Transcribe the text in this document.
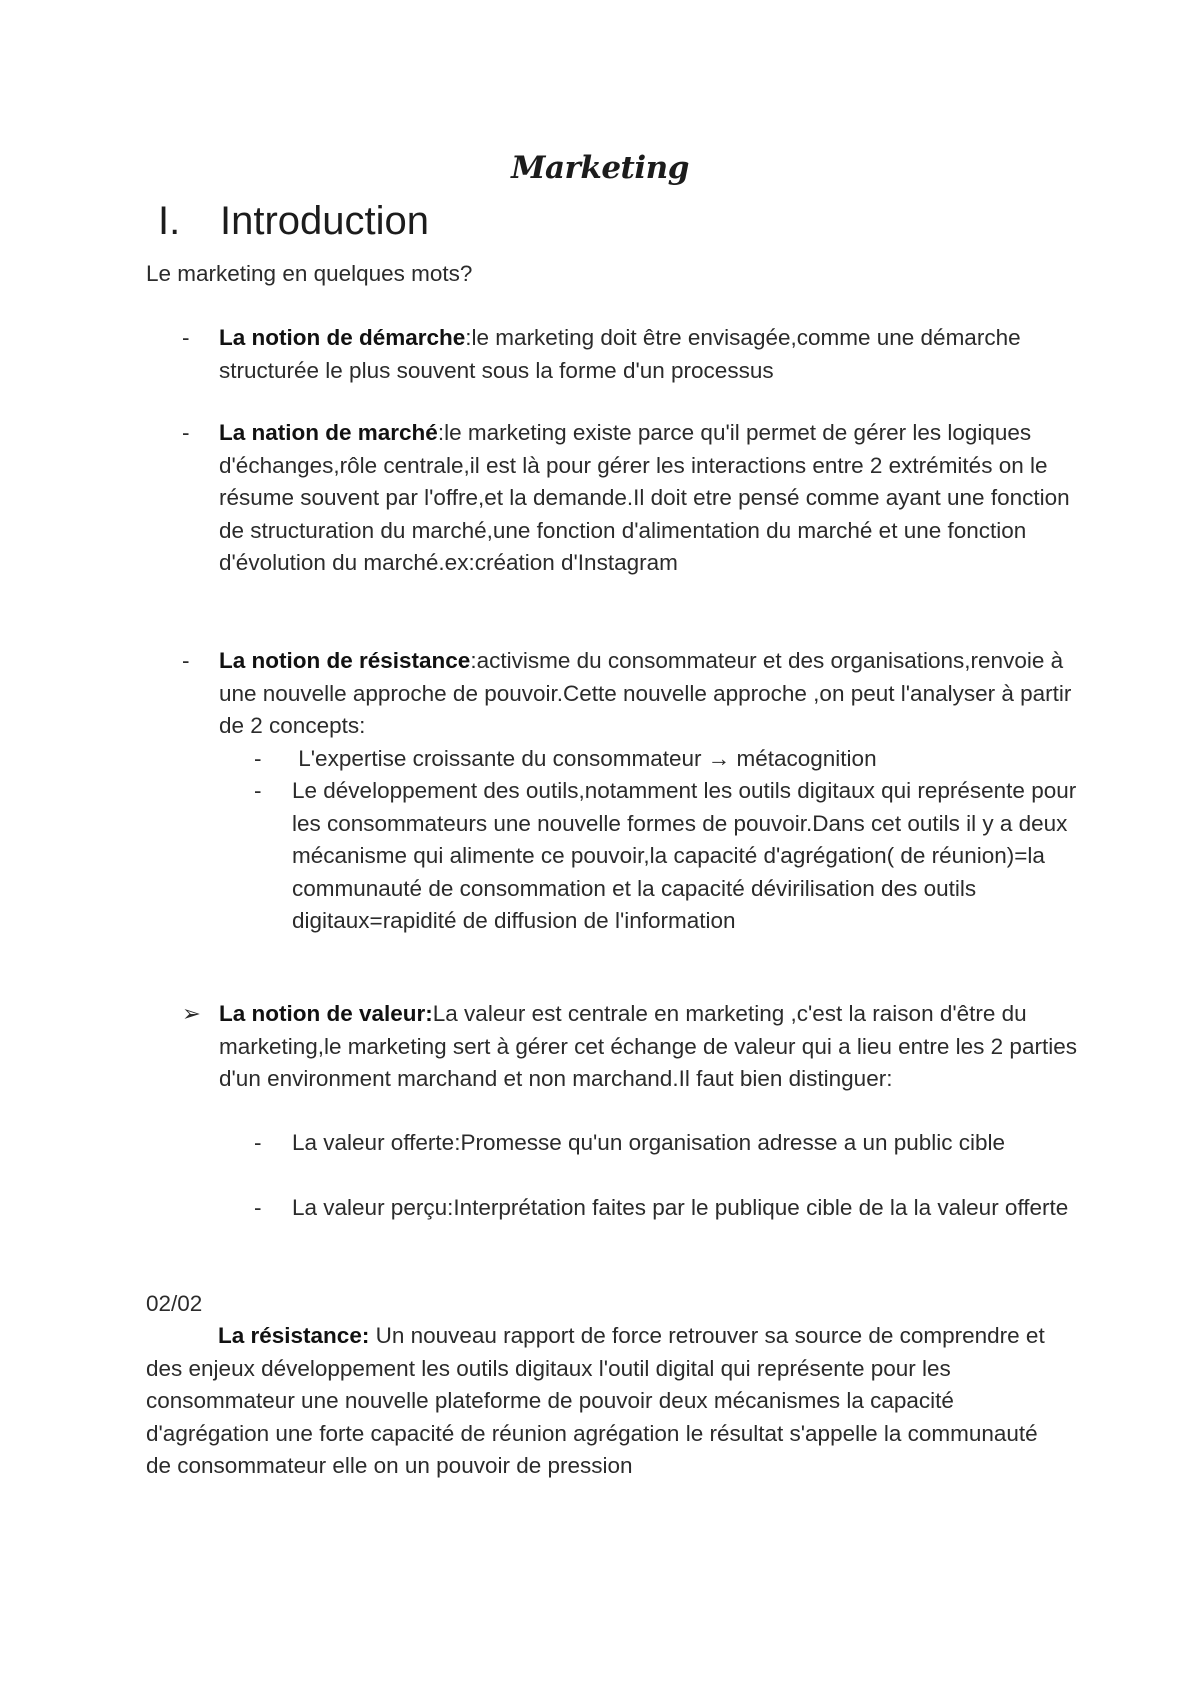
Marketing
I. Introduction
Le marketing en quelques mots?
-	La notion de démarche:le marketing doit être envisagée,comme une démarche structurée le plus souvent sous la forme d'un processus
-	La nation de marché:le marketing existe parce qu'il permet de gérer les logiques d'échanges,rôle centrale,il est là pour gérer les interactions entre 2 extrémités on le résume souvent par l'offre,et la demande.Il doit etre pensé comme ayant une fonction de structuration du marché,une fonction d'alimentation du marché et une fonction d'évolution du marché.ex:création d'Instagram
-	La notion de résistance:activisme du consommateur et des organisations,renvoie à une nouvelle approche de pouvoir.Cette nouvelle approche ,on peut l'analyser à partir de 2 concepts:
-	L'expertise croissante du consommateur → métacognition
-	Le développement des outils,notamment les outils digitaux qui représente pour les consommateurs une nouvelle formes de pouvoir.Dans cet outils il y a deux mécanisme qui alimente ce pouvoir,la capacité d'agrégation( de réunion)=la communauté de consommation et la capacité dévirilisation des outils digitaux=rapidité de diffusion de l'information
➢ La notion de valeur:La valeur est centrale en marketing ,c'est la raison d'être du marketing,le marketing sert à gérer cet échange de valeur qui a lieu entre les 2 parties d'un environment marchand et non marchand.Il faut bien distinguer:
-	La valeur offerte:Promesse qu'un organisation adresse a un public cible
-	La valeur perçu:Interprétation faites par le publique cible de la la valeur offerte
02/02
La résistance: Un nouveau rapport de force retrouver sa source de comprendre et des enjeux développement les outils digitaux l'outil digital qui représente pour les consommateur une nouvelle plateforme de pouvoir deux mécanismes la capacité d'agrégation une forte capacité de réunion agrégation le résultat s'appelle la communauté de consommateur elle on un pouvoir de pression
